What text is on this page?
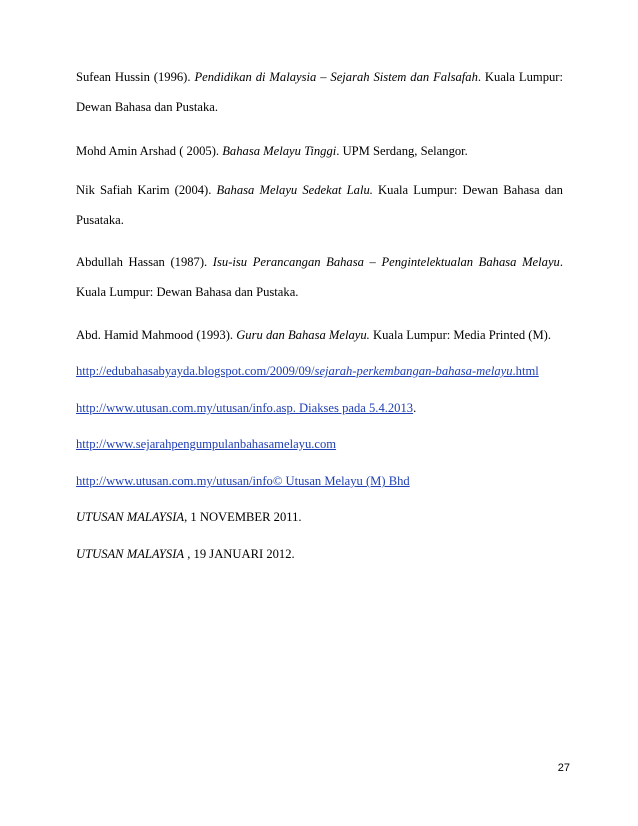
Sufean Hussin (1996). Pendidikan di Malaysia – Sejarah Sistem dan Falsafah. Kuala Lumpur: Dewan Bahasa dan Pustaka.

Mohd Amin Arshad ( 2005). Bahasa Melayu Tinggi. UPM Serdang, Selangor.

Nik Safiah Karim (2004). Bahasa Melayu Sedekat Lalu. Kuala Lumpur: Dewan Bahasa dan Pusataka.

Abdullah Hassan (1987). Isu-isu Perancangan Bahasa – Pengintelektualan Bahasa Melayu. Kuala Lumpur: Dewan Bahasa dan Pustaka.

Abd. Hamid Mahmood (1993). Guru dan Bahasa Melayu. Kuala Lumpur: Media Printed (M).

http://edubahasabyayda.blogspot.com/2009/09/sejarah-perkembangan-bahasa-melayu.html

http://www.utusan.com.my/utusan/info.asp. Diakses pada 5.4.2013.

http://www.sejarahpengumpulanbahasamelayu.com

http://www.utusan.com.my/utusan/info© Utusan Melayu (M) Bhd

UTUSAN MALAYSIA, 1 NOVEMBER 2011.

UTUSAN MALAYSIA , 19 JANUARI 2012.

27
